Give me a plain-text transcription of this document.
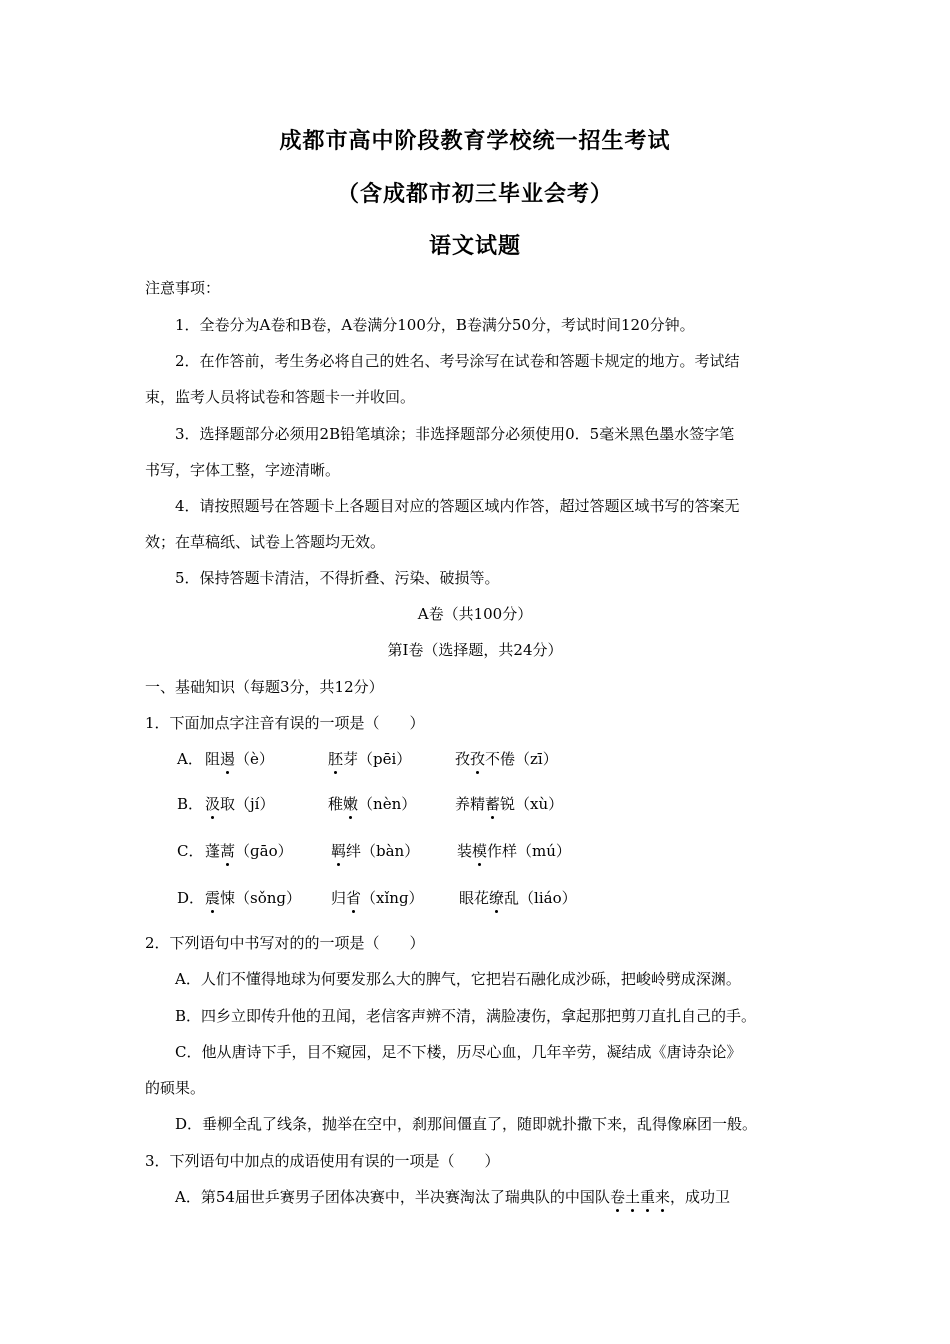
成都市高中阶段教育学校统一招生考试
（含成都市初三毕业会考）
语文试题
注意事项：
1．全卷分为A卷和B卷，A卷满分100分，B卷满分50分，考试时间120分钟。
2．在作答前，考生务必将自己的姓名、考号涂写在试卷和答题卡规定的地方。考试结
束，监考人员将试卷和答题卡一并收回。
3．选择题部分必须用2B铅笔填涂；非选择题部分必须使用0．5毫米黑色墨水签字笔
书写，字体工整，字迹清晰。
4．请按照题号在答题卡上各题目对应的答题区域内作答，超过答题区域书写的答案无
效；在草稿纸、试卷上答题均无效。
5．保持答题卡清洁，不得折叠、污染、破损等。
A卷（共100分）
第Ⅰ卷（选择题，共24分）
一、基础知识（每题3分，共12分）
1．下面加点字注音有误的一项是（　　）
A． 阻遏（è）	胚芽（pēi）	孜孜不倦（zī）
B． 汲取（jí）	稚嫩（nèn）	养精蓄锐（xù）
C． 蓬蒿（ɡāo）	羁绊（bàn）	装模作样（mú）
D． 震悚（sǒnɡ） 归省（xǐnɡ） 眼花缭乱（liáo）
2．下列语句中书写对的的一项是（　　）
A．人们不懂得地球为何要发那么大的脾气，它把岩石融化成沙砾，把峻岭劈成深渊。
B．四乡立即传升他的丑闻，老信客声辨不清，满脸凄伤，拿起那把剪刀直扎自己的手。
C．他从唐诗下手，目不窥园，足不下楼，历尽心血，几年辛劳，凝结成《唐诗杂论》
的硕果。
D．垂柳全乱了线条，抛举在空中，刹那间僵直了，随即就扑撒下来，乱得像麻团一般。
3．下列语句中加点的成语使用有误的一项是（　　）
A．第54届世乒赛男子团体决赛中，半决赛淘汰了瑞典队的中国队卷土重来，成功卫
